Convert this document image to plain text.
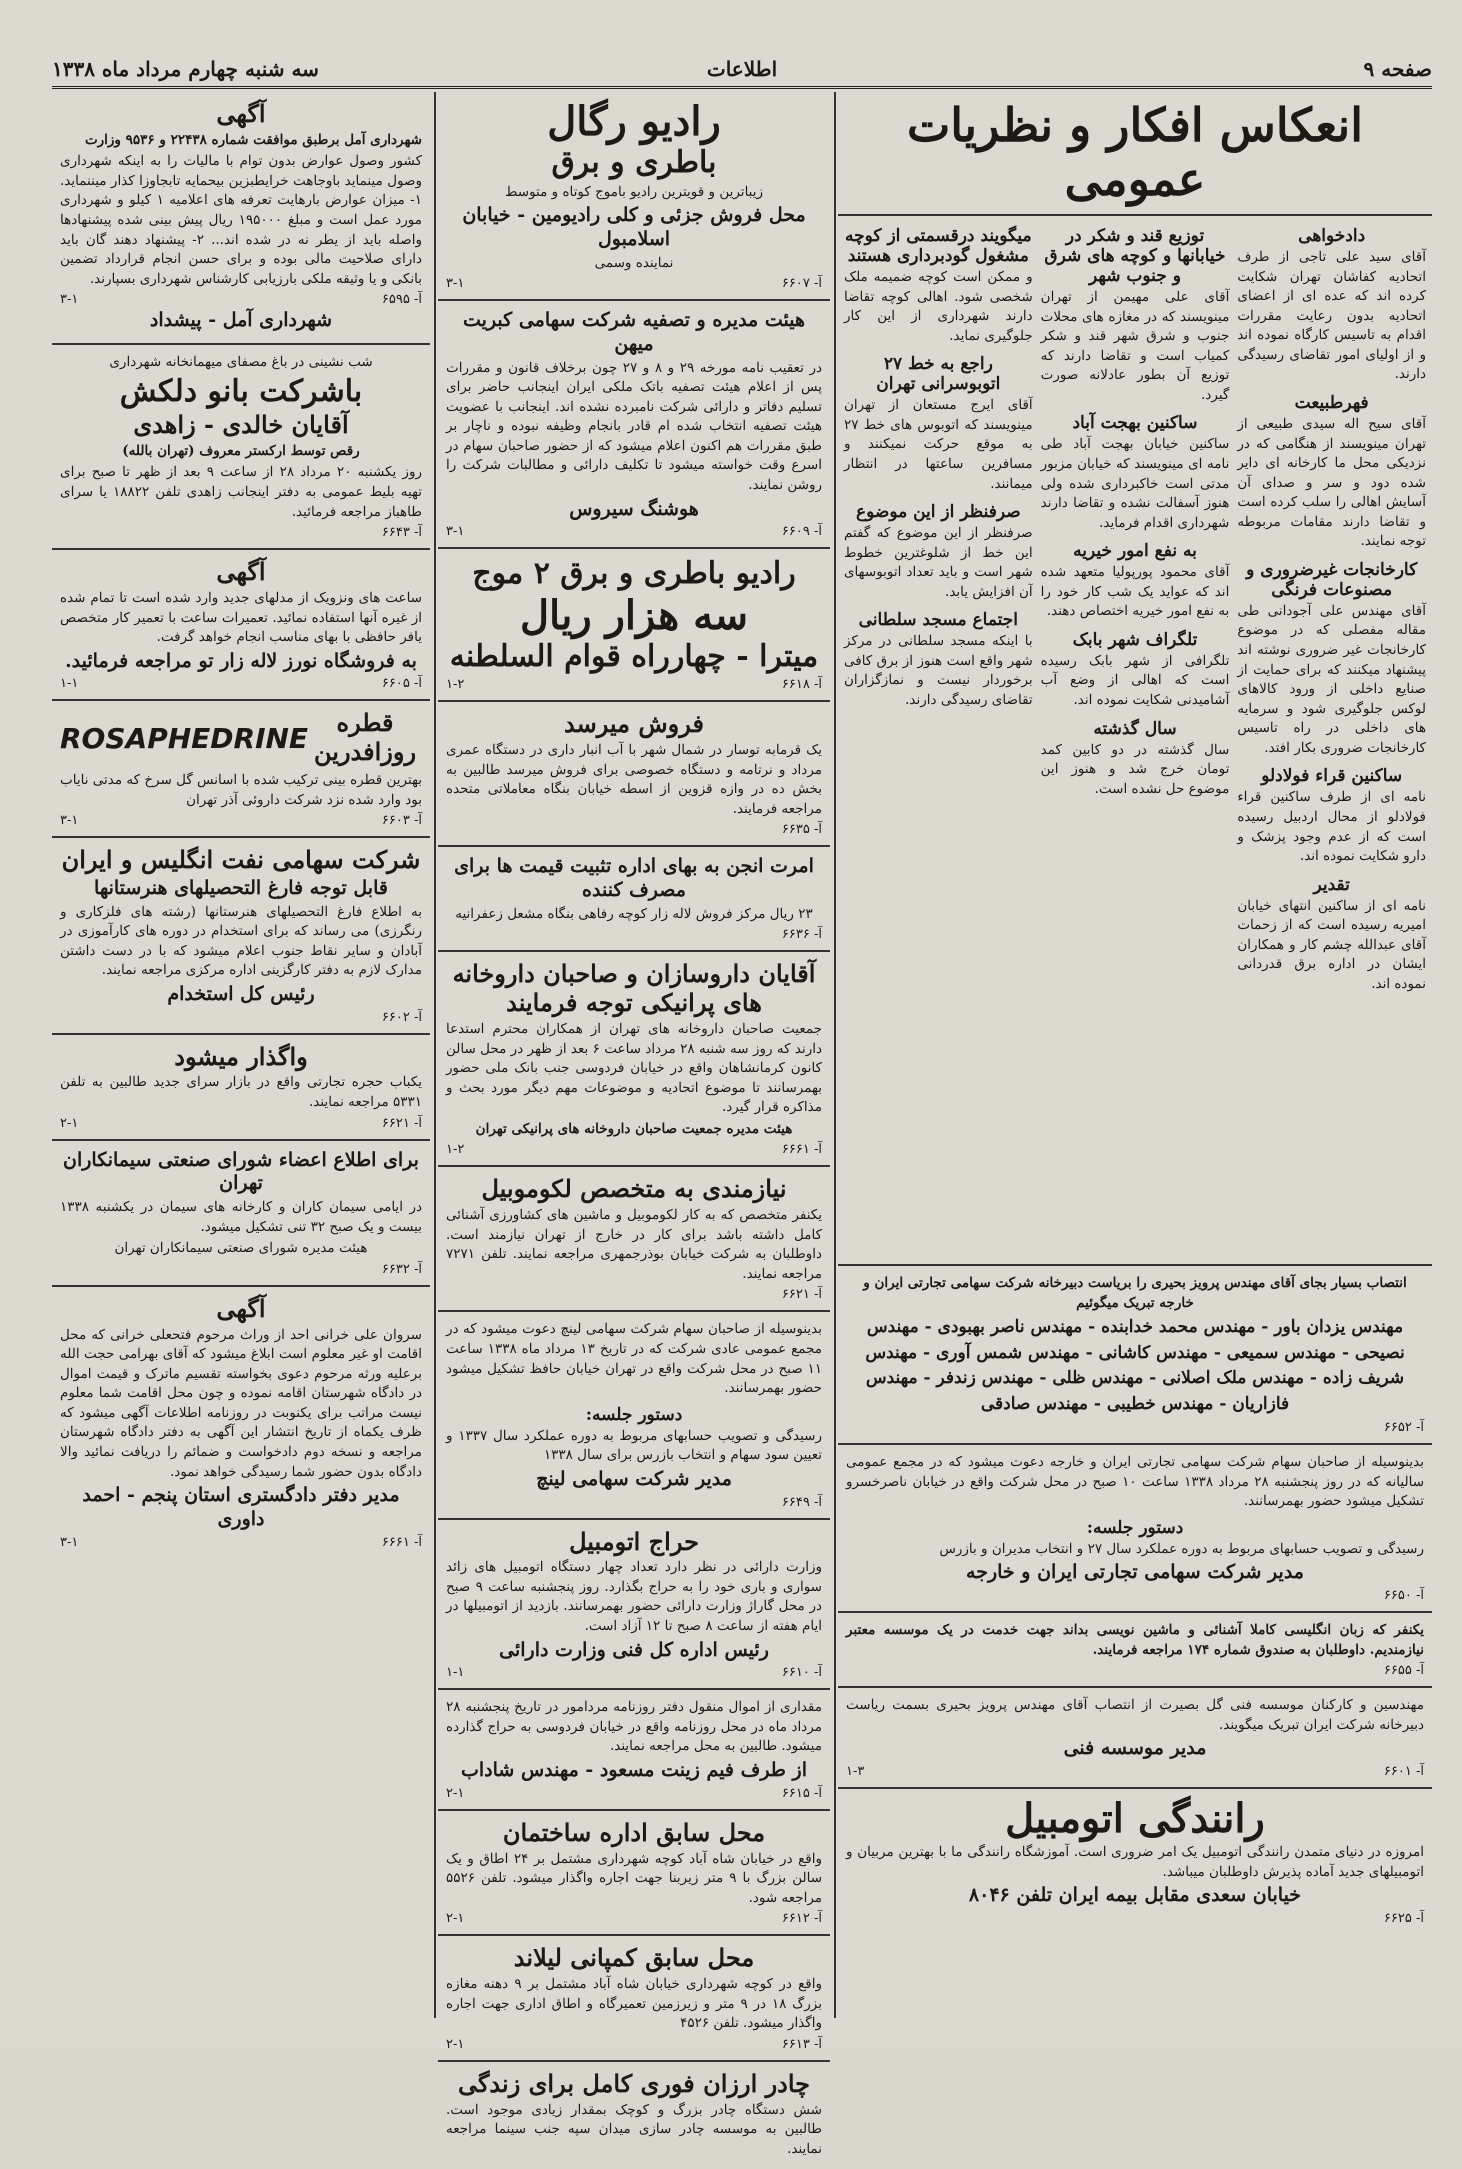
صفحه ۹
اطلاعات
سه شنبه چهارم مرداد ماه ۱۳۳۸
آگهی
شهرداری آمل برطبق موافقت شماره ۲۲۴۳۸ و ۹۵۳۶ وزارت
کشور وصول عوارض بدون توام با مالیات را به اینکه شهرداری وصول مینماید باوجاهت خرایطبزین بیحمایه تابجاوزا کذار میننماید. ۱- میزان عوارض بارهایت تعرفه های اعلامیه ۱ کیلو و شهرداری مورد عمل است و مبلغ ۱۹۵۰۰۰ ریال پیش بینی شده پیشنهادها واصله باید از یطر نه در شده اند... ۲- پیشنهاد دهند گان باید دارای صلاحیت مالی بوده و برای حسن انجام قرارداد تضمین بانکی و یا وثیقه ملکی بارزیابی کارشناس شهرداری بسپارند.
آ- ۶۵۹۵
۳-۱
شهرداری آمل - پیشداد
شب نشینی در باغ مصفای میهمانخانه شهرداری
باشرکت بانو دلکش
آقایان خالدی - زاهدی
رقص توسط ارکستر معروف (تهران بالله)
روز یکشنبه ۲۰ مرداد ۲۸ از ساعت ۹ بعد از ظهر تا صبح برای تهیه بلیط عمومی به دفتر اینجانب زاهدی تلفن ۱۸۸۲۲ یا سرای طاهباز مراجعه فرمائید.
آ- ۶۶۴۳
آگهی
ساعت های ونزویک از مدلهای جدید وارد شده است تا تمام شده از غیره آنها استفاده نمائید. تعمیرات ساعت با تعمیر کار متخصص یافر حافظی با بهای مناسب انجام خواهد گرفت.
به فروشگاه نورز لاله زار تو مراجعه فرمائید.
آ- ۶۶۰۵
۱-۱
قطره روزافدرین
ROSAPHEDRINE
بهترین قطره بینی ترکیب شده با اسانس گل سرخ که مدتی نایاب بود وارد شده نزد شرکت داروئی آذر تهران
آ- ۶۶۰۳
۳-۱
شرکت سهامی نفت انگلیس و ایران
قابل توجه فارغ التحصیلهای هنرستانها
به اطلاع فارغ التحصیلهای هنرستانها (رشته های فلزکاری و رنگرزی) می رساند که برای استخدام در دوره های کارآموزی در آبادان و سایر نقاط جنوب اعلام میشود که با در دست داشتن مدارک لازم به دفتر کارگزینی اداره مرکزی مراجعه نمایند.
رئیس کل استخدام
آ- ۶۶۰۲
واگذار میشود
یکباب حجره تجارتی واقع در بازار سرای جدید طالبین به تلفن ۵۳۳۱ مراجعه نمایند.
آ- ۶۶۲۱
۲-۱
برای اطلاع اعضاء شورای صنعتی سیمانکاران تهران
در ایامی سیمان کاران و کارخانه های سیمان در یکشنبه ۱۳۳۸ بیست و یک صبح ۳۲ تنی تشکیل میشود.
هیئت مدیره شورای صنعتی سیمانکاران تهران
آ- ۶۶۳۲
آگهی
سروان علی خرانی احد از وراث مرحوم فتحعلی خرانی که محل اقامت او غیر معلوم است ابلاغ میشود که آقای بهرامی حجت الله برعلیه ورثه مرحوم دعوی بخواسته تقسیم ماترک و قیمت اموال در دادگاه شهرستان اقامه نموده و چون محل اقامت شما معلوم نیست مراتب برای یکنوبت در روزنامه اطلاعات آگهی میشود که ظرف یکماه از تاریخ انتشار این آگهی به دفتر دادگاه شهرستان مراجعه و نسخه دوم دادخواست و ضمائم را دریافت نمائید والا دادگاه بدون حضور شما رسیدگی خواهد نمود.
مدیر دفتر دادگستری استان پنجم - احمد داوری
آ- ۶۶۶۱
۳-۱
رادیو رگال
باطری و برق
زیباترین و قویترین رادیو باموج کوتاه و متوسط
محل فروش جزئی و کلی رادیومین - خیابان اسلامبول
نماینده وسمی
آ- ۶۶۰۷
۳-۱
هیئت مدیره و تصفیه شرکت سهامی کبریت میهن
در تعقیب نامه مورخه ۲۹ و ۸ و ۲۷ چون برخلاف قانون و مقررات پس از اعلام هیئت تصفیه باتک ملکی ایران اینجانب حاضر برای تسلیم دفاتر و دارائی شرکت نامبرده نشده اند. اینجانب با عضویت هیئت تصفیه انتخاب شده ام قادر بانجام وظیفه نبوده و ناچار بر طبق مقررات هم اکنون اعلام میشود که از حضور صاحبان سهام در اسرع وقت خواسته میشود تا تکلیف دارائی و مطالبات شرکت را روشن نمایند.
هوشنگ سیروس
آ- ۶۶۰۹
۳-۱
رادیو باطری و برق ۲ موج
سه هزار ریال
میترا - چهارراه قوام السلطنه
آ- ۶۶۱۸
۱-۲
فروش میرسد
یک قرمابه توسار در شمال شهر با آب انبار داری در دستگاه عمری مرداد و نرتامه و دستگاه خصوصی برای فروش میرسد طالبین به بخش ده در وازه قزوین از اسطه خیابان بنگاه معاملاتی متحده مراجعه فرمایند.
آ- ۶۶۳۵
امرت انجن به بهای اداره تثبیت قیمت ها برای مصرف کننده
۲۳ ریال مرکز فروش لاله زار کوچه رفاهی بنگاه مشعل زعفرانیه
آ- ۶۶۳۶
آقایان داروسازان و صاحبان داروخانه های پرانیکی توجه فرمایند
جمعیت صاحبان داروخانه های تهران از همکاران محترم استدعا دارند که روز سه شنبه ۲۸ مرداد ساعت ۶ بعد از ظهر در محل سالن کانون کرمانشاهان واقع در خیابان فردوسی جنب بانک ملی حضور بهمرسانند تا موضوع اتحادیه و موضوعات مهم دیگر مورد بحث و مذاکره قرار گیرد.
هیئت مدیره جمعیت صاحبان داروخانه های پرانیکی تهران
آ- ۶۶۶۱
۱-۲
نیازمندی به متخصص لکوموبیل
یکنفر متخصص که به کار لکوموبیل و ماشین های کشاورزی آشنائی کامل داشته باشد برای کار در خارج از تهران نیازمند است. داوطلبان به شرکت خیابان بوذرجمهری مراجعه نمایند. تلفن ۷۲۷۱ مراجعه نمایند.
آ- ۶۶۲۱
بدینوسیله از صاحبان سهام شرکت سهامی لینچ دعوت میشود که در مجمع عمومی عادی شرکت که در تاریخ ۱۳ مرداد ماه ۱۳۳۸ ساعت ۱۱ صبح در محل شرکت واقع در تهران خیابان حافظ تشکیل میشود حضور بهمرسانند.
دستور جلسه:
رسیدگی و تصویب حسابهای مربوط به دوره عملکرد سال ۱۳۳۷ و تعیین سود سهام و انتخاب بازرس برای سال ۱۳۳۸
مدیر شرکت سهامی لینچ
آ- ۶۶۴۹
حراج اتومبیل
وزارت دارائی در نظر دارد تعداد چهار دستگاه اتومبیل های زائد سواری و باری خود را به حراج بگذارد. روز پنجشنبه ساعت ۹ صبح در محل گاراژ وزارت دارائی حضور بهمرسانند. بازدید از اتومبیلها در ایام هفته از ساعت ۸ صبح تا ۱۲ آزاد است.
رئیس اداره کل فنی وزارت دارائی
آ- ۶۶۱۰
۱-۱
مقداری از اموال منقول دفتر روزنامه مردامور در تاریخ پنجشنبه ۲۸ مرداد ماه در محل روزنامه واقع در خیابان فردوسی به حراج گذارده میشود. طالبین به محل مراجعه نمایند.
از طرف فیم زینت مسعود - مهندس شاداب
آ- ۶۶۱۵
۲-۱
محل سابق اداره ساختمان
واقع در خیابان شاه آباد کوچه شهرداری مشتمل بر ۲۴ اطاق و یک سالن بزرگ با ۹ متر زیربنا جهت اجاره واگذار میشود. تلفن ۵۵۲۶ مراجعه شود.
آ- ۶۶۱۲
۲-۱
محل سابق کمپانی لیلاند
واقع در کوچه شهرداری خیابان شاه آباد مشتمل بر ۹ دهنه مغازه بزرگ ۱۸ در ۹ متر و زیرزمین تعمیرگاه و اطاق اداری جهت اجاره واگذار میشود. تلفن ۴۵۲۶
آ- ۶۶۱۳
۲-۱
چادر ارزان فوری کامل برای زندگی
شش دستگاه چادر بزرگ و کوچک بمقدار زیادی موجود است. طالبین به موسسه چادر سازی میدان سپه جنب سینما مراجعه نمایند.
انعکاس افکار و نظریات عمومی
دادخواهی
آقای سید علی تاجی از طرف اتحادیه کفاشان تهران شکایت کرده اند که عده ای از اعضای اتحادیه بدون رعایت مقررات اقدام به تاسیس کارگاه نموده اند و از اولیای امور تقاضای رسیدگی دارند.
فهرطبیعت
آقای سیح اله سیدی طبیعی از تهران مینویسند از هنگامی که در نزدیکی محل ما کارخانه ای دایر شده دود و سر و صدای آن آسایش اهالی را سلب کرده است و تقاضا دارند مقامات مربوطه توجه نمایند.
کارخانجات غیرضروری و مصنوعات فرنگی
آقای مهندس علی آجودانی طی مقاله مفصلی که در موضوع کارخانجات غیر ضروری نوشته اند پیشنهاد میکنند که برای حمایت از صنایع داخلی از ورود کالاهای لوکس جلوگیری شود و سرمایه های داخلی در راه تاسیس کارخانجات ضروری بکار افتد.
ساکنین قراء فولادلو
نامه ای از طرف ساکنین قراء فولادلو از محال اردبیل رسیده است که از عدم وجود پزشک و دارو شکایت نموده اند.
تقدیر
نامه ای از ساکنین انتهای خیابان امیریه رسیده است که از زحمات آقای عبدالله چشم کار و همکاران ایشان در اداره برق قدردانی نموده اند.
توزیع قند و شکر در خیابانها و کوچه های شرق و جنوب شهر
آقای علی مهیمن از تهران مینویسند که در مغازه های محلات جنوب و شرق شهر قند و شکر کمیاب است و تقاضا دارند که توزیع آن بطور عادلانه صورت گیرد.
ساکنین بهجت آباد
ساکنین خیابان بهجت آباد طی نامه ای مینویسند که خیابان مزبور مدتی است خاکبرداری شده ولی هنوز آسفالت نشده و تقاضا دارند شهرداری اقدام فرماید.
به نفع امور خیریه
آقای محمود پورپولیا متعهد شده اند که عواید یک شب کار خود را به نفع امور خیریه اختصاص دهند.
تلگراف شهر بابک
تلگرافی از شهر بابک رسیده است که اهالی از وضع آب آشامیدنی شکایت نموده اند.
سال گذشته
سال گذشته در دو کابین کمد تومان خرج شد و هنوز این موضوع حل نشده است.
میگویند درقسمتی از کوچه مشغول گودبرداری هستند
و ممکن است کوچه ضمیمه ملک شخصی شود. اهالی کوچه تقاضا دارند شهرداری از این کار جلوگیری نماید.
راجع به خط ۲۷ اتوبوسرانی تهران
آقای ایرج مستعان از تهران مینویسند که اتوبوس های خط ۲۷ به موقع حرکت نمیکنند و مسافرین ساعتها در انتظار میمانند.
صرفنظر از این موضوع
صرفنظر از این موضوع که گفتم این خط از شلوغترین خطوط شهر است و باید تعداد اتوبوسهای آن افزایش یابد.
اجتماع مسجد سلطانی
با اینکه مسجد سلطانی در مرکز شهر واقع است هنوز از برق کافی برخوردار نیست و نمازگزاران تقاضای رسیدگی دارند.
انتصاب بسیار بجای آقای مهندس پرویز بحیری را بریاست دبیرخانه شرکت سهامی تجارتی ایران و خارجه تبریک میگوئیم
مهندس یزدان باور - مهندس محمد خدابنده - مهندس ناصر بهبودی - مهندس نصیحی - مهندس سمیعی - مهندس کاشانی - مهندس شمس آوری - مهندس شریف زاده - مهندس ملک اصلانی - مهندس ظلی - مهندس زندفر - مهندس فازاریان - مهندس خطیبی - مهندس صادقی
آ- ۶۶۵۲
بدینوسیله از صاحبان سهام شرکت سهامی تجارتی ایران و خارجه دعوت میشود که در مجمع عمومی سالیانه که در روز پنجشنبه ۲۸ مرداد ۱۳۳۸ ساعت ۱۰ صبح در محل شرکت واقع در خیابان ناصرخسرو تشکیل میشود حضور بهمرسانند.
دستور جلسه:
رسیدگی و تصویب حسابهای مربوط به دوره عملکرد سال ۲۷ و انتخاب مدیران و بازرس
مدیر شرکت سهامی تجارتی ایران و خارجه
آ- ۶۶۵۰
یکنفر که زبان انگلیسی کاملا آشنائی و ماشین نویسی بداند جهت خدمت در یک موسسه معتبر نیازمندیم. داوطلبان به صندوق شماره ۱۷۴ مراجعه فرمایند.
آ- ۶۶۵۵
مهندسین و کارکنان موسسه فنی گل بصیرت از انتصاب آقای مهندس پرویز بحیری بسمت ریاست دبیرخانه شرکت ایران تبریک میگویند.
مدیر موسسه فنی
آ- ۶۶۰۱
۱-۳
رانندگی اتومبیل
امروزه در دنیای متمدن رانندگی اتومبیل یک امر ضروری است. آموزشگاه رانندگی ما با بهترین مربیان و اتومبیلهای جدید آماده پذیرش داوطلبان میباشد.
خیابان سعدی مقابل بیمه ایران تلفن ۸۰۴۶
آ- ۶۶۲۵
